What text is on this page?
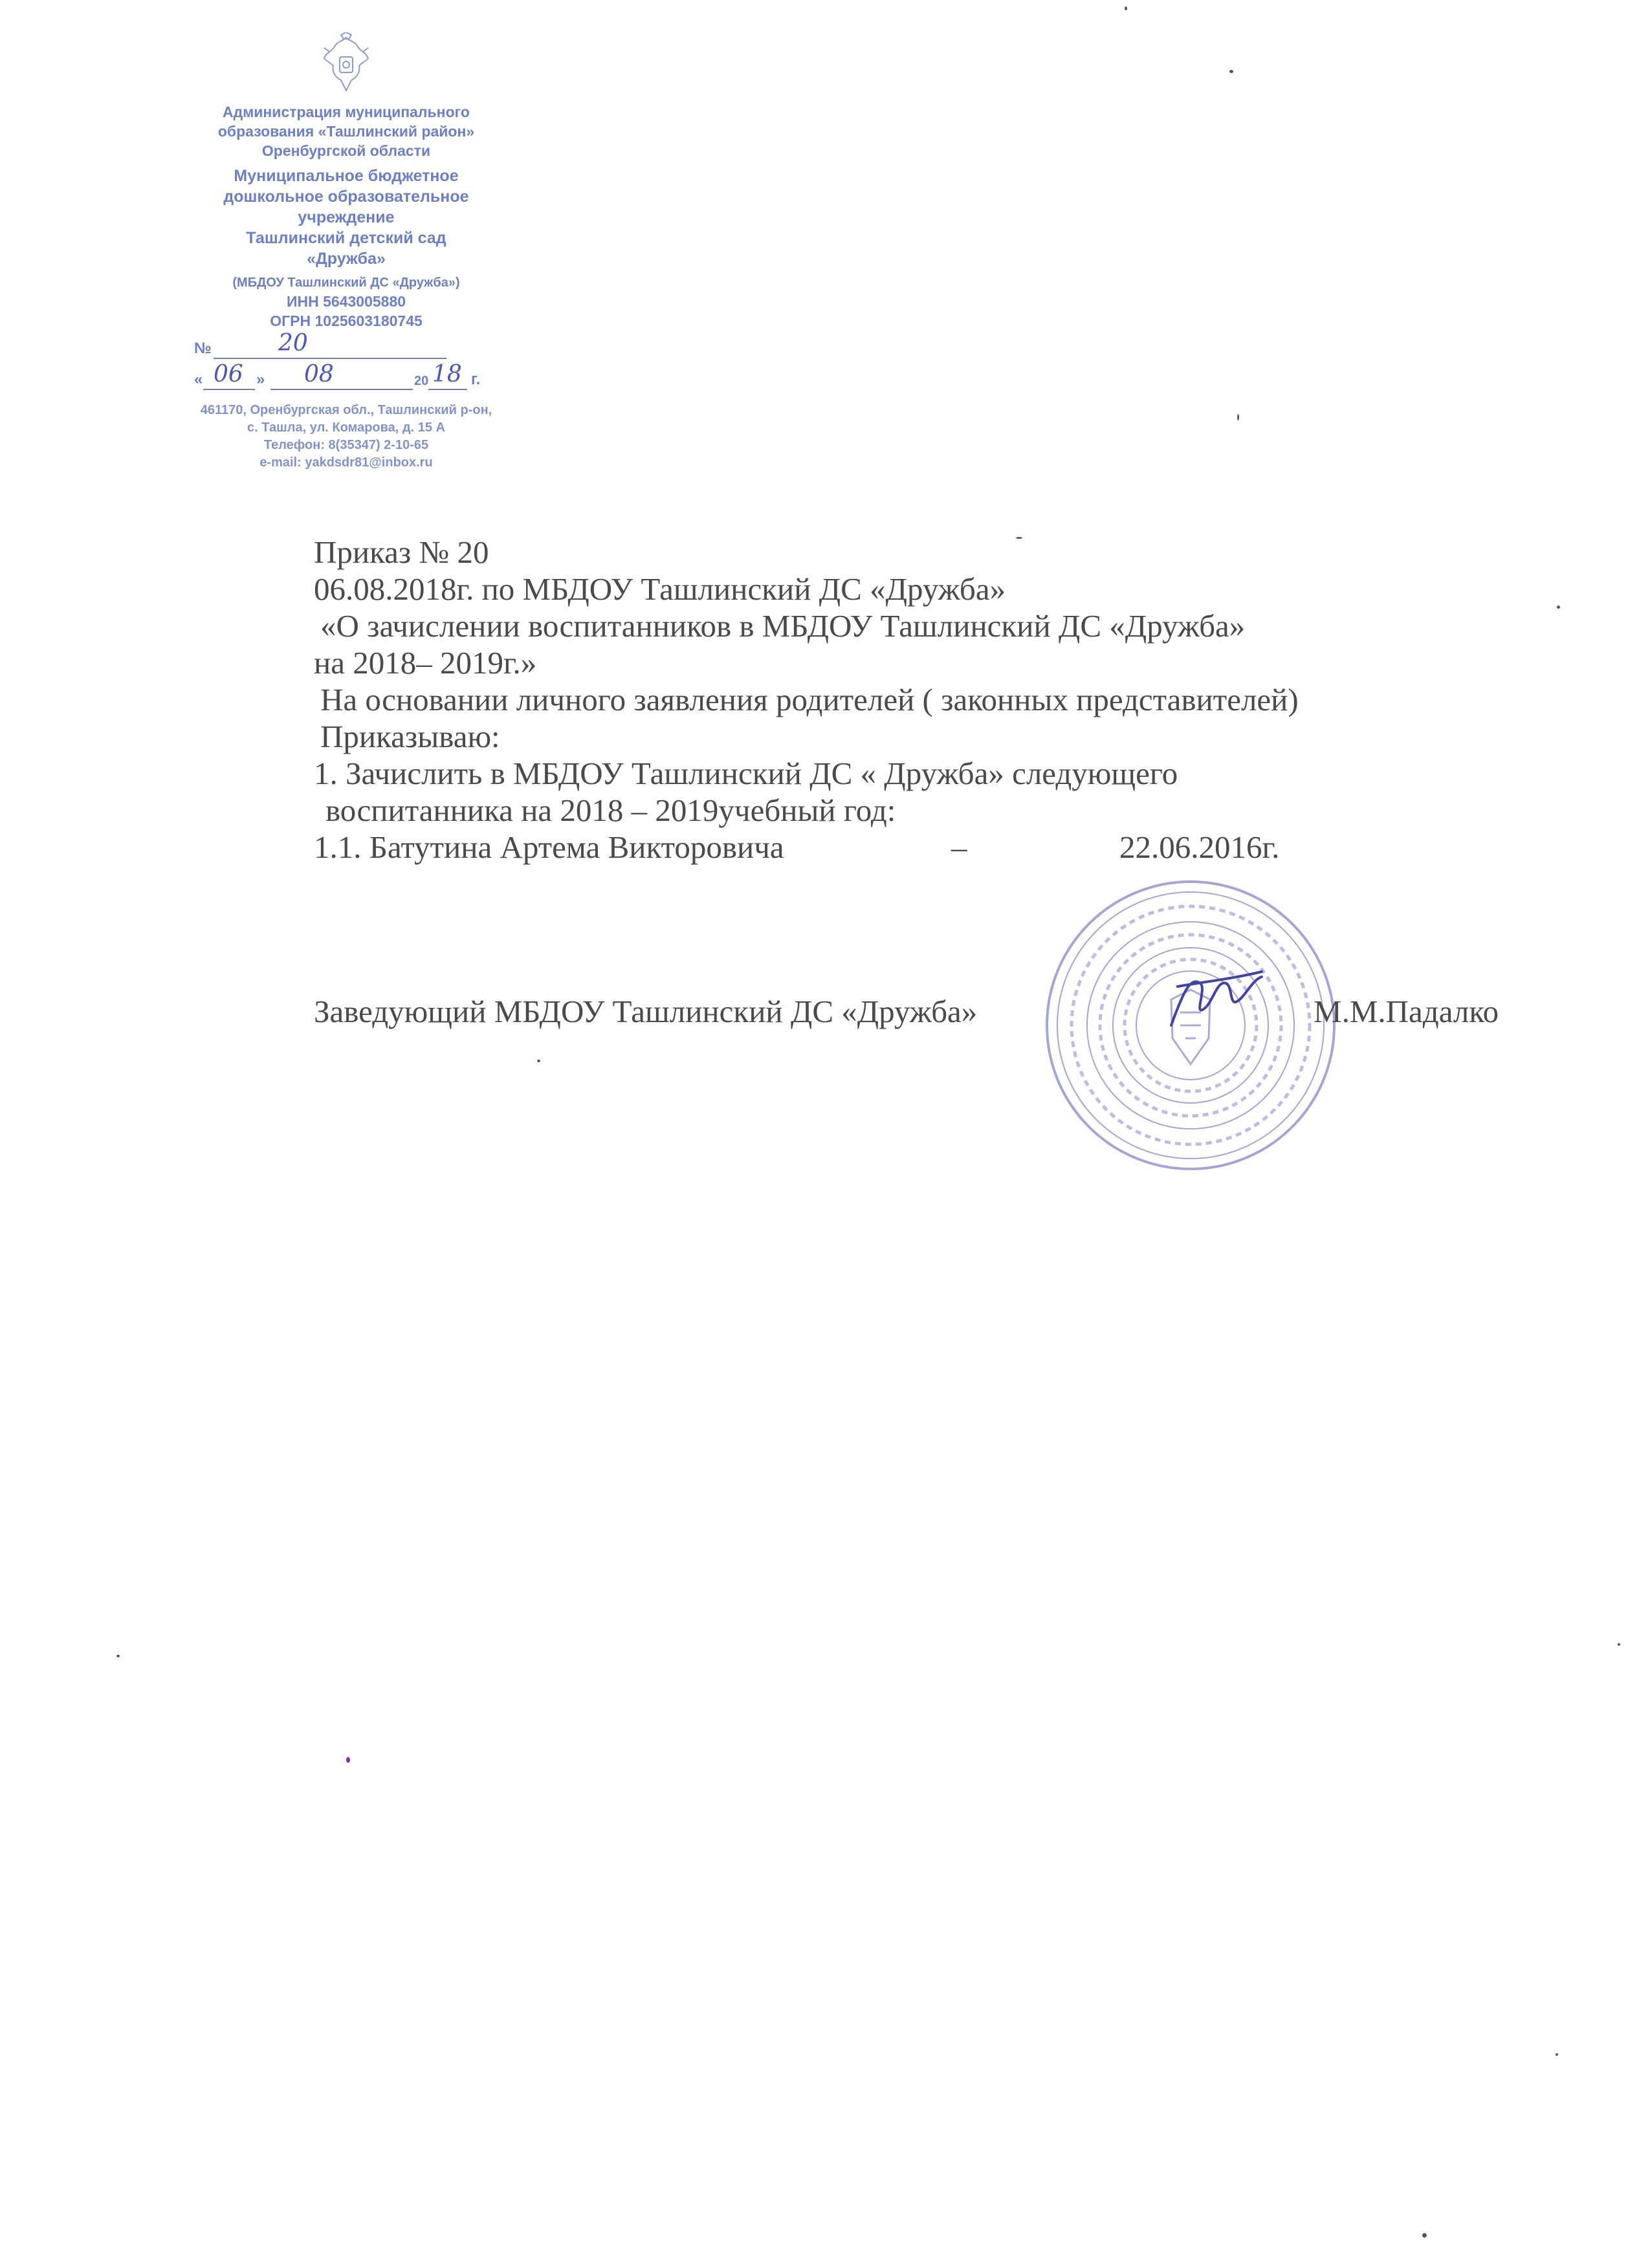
Администрация муниципального
образования «Ташлинский район»
Оренбургской области
Муниципальное бюджетное
дошкольное образовательное
учреждение
Ташлинский детский сад
«Дружба»
(МБДОУ Ташлинский ДС «Дружба»)
ИНН 5643005880
ОГРН 1025603180745
№	20
« 06 » 08	20 18 г.
461170, Оренбургская обл., Ташлинский р-он,
с. Ташла, ул. Комарова, д. 15 А
Телефон: 8(35347) 2-10-65
e-mail: yakdsdr81@inbox.ru
Приказ № 20
06.08.2018г. по МБДОУ Ташлинский ДС «Дружба»
«О зачислении воспитанников в МБДОУ Ташлинский ДС «Дружба»
на 2018– 2019г.»
На основании личного заявления родителей ( законных представителей)
Приказываю:
1. Зачислить в МБДОУ Ташлинский ДС « Дружба» следующего
воспитанника на 2018 – 2019учебный год:
1.1. Батутина Артема Викторовича	–	22.06.2016г.
Заведующий МБДОУ Ташлинский ДС «Дружба»	М.М.Падалко
